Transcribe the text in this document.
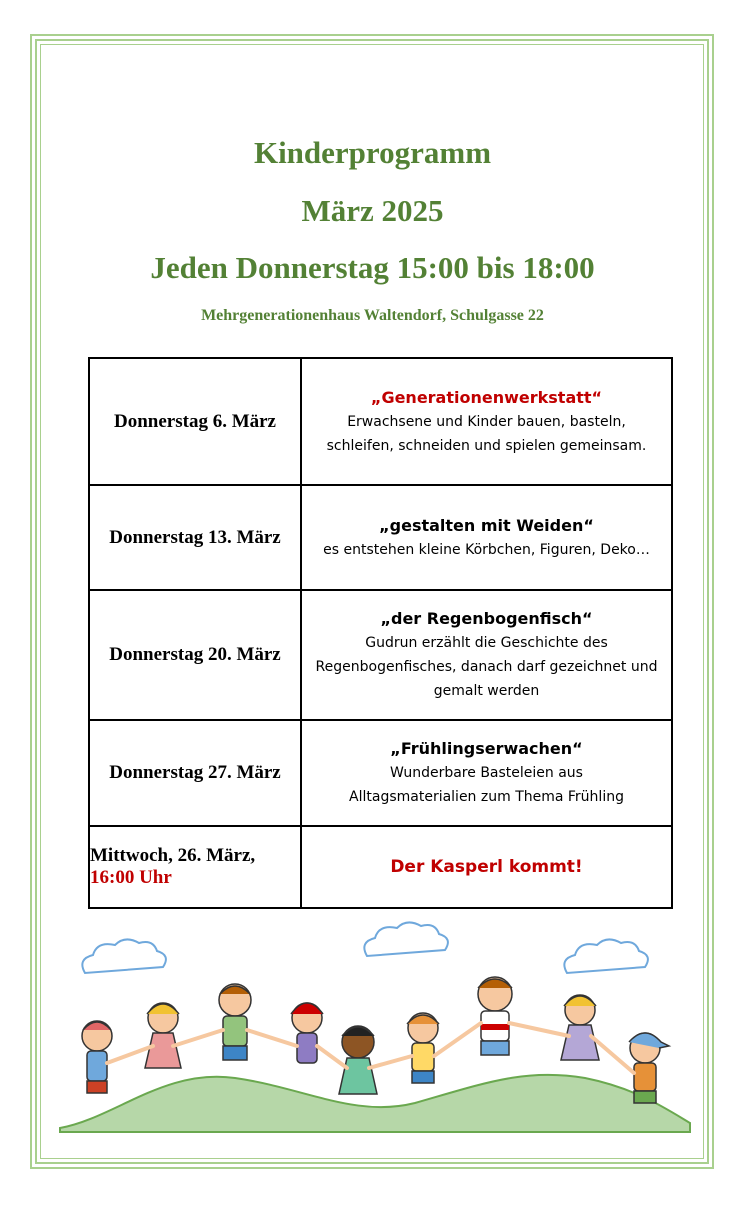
Kinderprogramm
März 2025
Jeden Donnerstag 15:00 bis 18:00
Mehrgenerationenhaus Waltendorf, Schulgasse 22
Donnerstag 6. März	„Generationenwerkstatt“
Erwachsene und Kinder bauen, basteln, schleifen, schneiden und spielen gemeinsam.

Donnerstag 13. März	„gestalten mit Weiden“
es entstehen kleine Körbchen, Figuren, Deko…

Donnerstag 20. März	„der Regenbogenfisch“
Gudrun erzählt die Geschichte des Regenbogenfisches, danach darf gezeichnet und gemalt werden

Donnerstag 27. März	„Frühlingserwachen“
Wunderbare Basteleien aus Alltagsmaterialien zum Thema Frühling

Mittwoch, 26. März,
16:00 Uhr	Der Kasperl kommt!
